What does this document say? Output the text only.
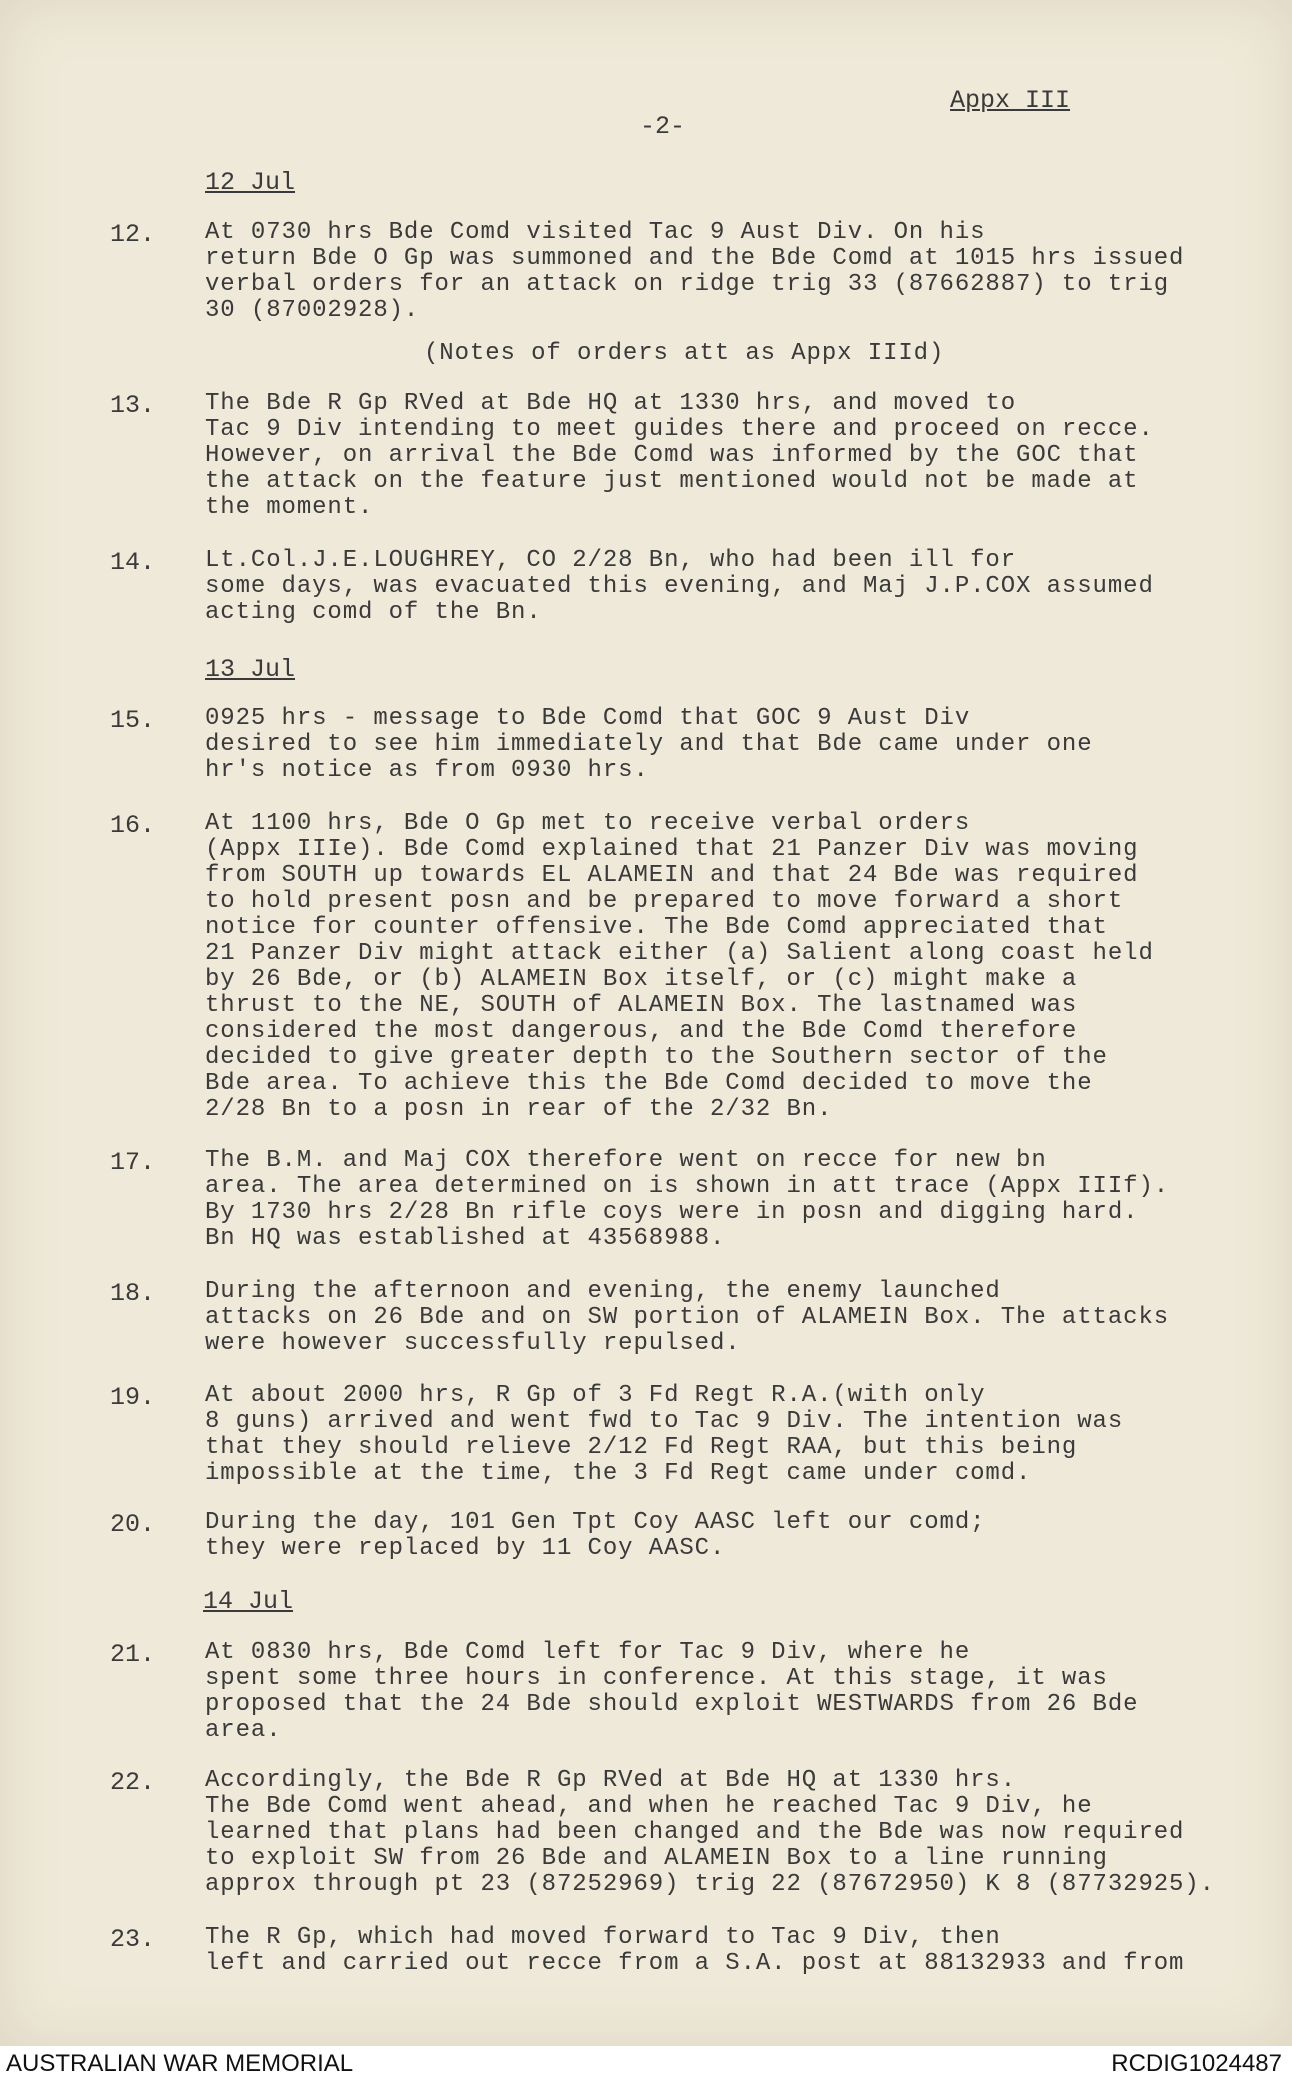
Appx III
-2-
12 Jul
12. At 0730 hrs Bde Comd visited Tac 9 Aust Div. On his
return Bde O Gp was summoned and the Bde Comd at 1015 hrs issued
verbal orders for an attack on ridge trig 33 (87662887) to trig
30 (87002928).

(Notes of orders att as Appx IIId)
13. The Bde R Gp RVed at Bde HQ at 1330 hrs, and moved to
Tac 9 Div intending to meet guides there and proceed on recce.
However, on arrival the Bde Comd was informed by the GOC that
the attack on the feature just mentioned would not be made at
the moment.

14. Lt.Col.J.E.LOUGHREY, CO 2/28 Bn, who had been ill for
some days, was evacuated this evening, and Maj J.P.COX assumed
acting comd of the Bn.

13 Jul
15. 0925 hrs - message to Bde Comd that GOC 9 Aust Div
desired to see him immediately and that Bde came under one
hr's notice as from 0930 hrs.

16. At 1100 hrs, Bde O Gp met to receive verbal orders
(Appx IIIe). Bde Comd explained that 21 Panzer Div was moving
from SOUTH up towards EL ALAMEIN and that 24 Bde was required
to hold present posn and be prepared to move forward a short
notice for counter offensive. The Bde Comd appreciated that
21 Panzer Div might attack either (a) Salient along coast held
by 26 Bde, or (b) ALAMEIN Box itself, or (c) might make a
thrust to the NE, SOUTH of ALAMEIN Box. The lastnamed was
considered the most dangerous, and the Bde Comd therefore
decided to give greater depth to the Southern sector of the
Bde area. To achieve this the Bde Comd decided to move the
2/28 Bn to a posn in rear of the 2/32 Bn.

17. The B.M. and Maj COX therefore went on recce for new bn
area. The area determined on is shown in att trace (Appx IIIf).
By 1730 hrs 2/28 Bn rifle coys were in posn and digging hard.
Bn HQ was established at 43568988.

18. During the afternoon and evening, the enemy launched
attacks on 26 Bde and on SW portion of ALAMEIN Box. The attacks
were however successfully repulsed.

19. At about 2000 hrs, R Gp of 3 Fd Regt R.A.(with only
8 guns) arrived and went fwd to Tac 9 Div. The intention was
that they should relieve 2/12 Fd Regt RAA, but this being
impossible at the time, the 3 Fd Regt came under comd.

20. During the day, 101 Gen Tpt Coy AASC left our comd;
they were replaced by 11 Coy AASC.

14 Jul
21. At 0830 hrs, Bde Comd left for Tac 9 Div, where he
spent some three hours in conference. At this stage, it was
proposed that the 24 Bde should exploit WESTWARDS from 26 Bde
area.

22. Accordingly, the Bde R Gp RVed at Bde HQ at 1330 hrs.
The Bde Comd went ahead, and when he reached Tac 9 Div, he
learned that plans had been changed and the Bde was now required
to exploit SW from 26 Bde and ALAMEIN Box to a line running
approx through pt 23 (87252969) trig 22 (87672950) K 8 (87732925).

23. The R Gp, which had moved forward to Tac 9 Div, then
left and carried out recce from a S.A. post at 88132933 and from

AUSTRALIAN WAR MEMORIAL	RCDIG1024487
